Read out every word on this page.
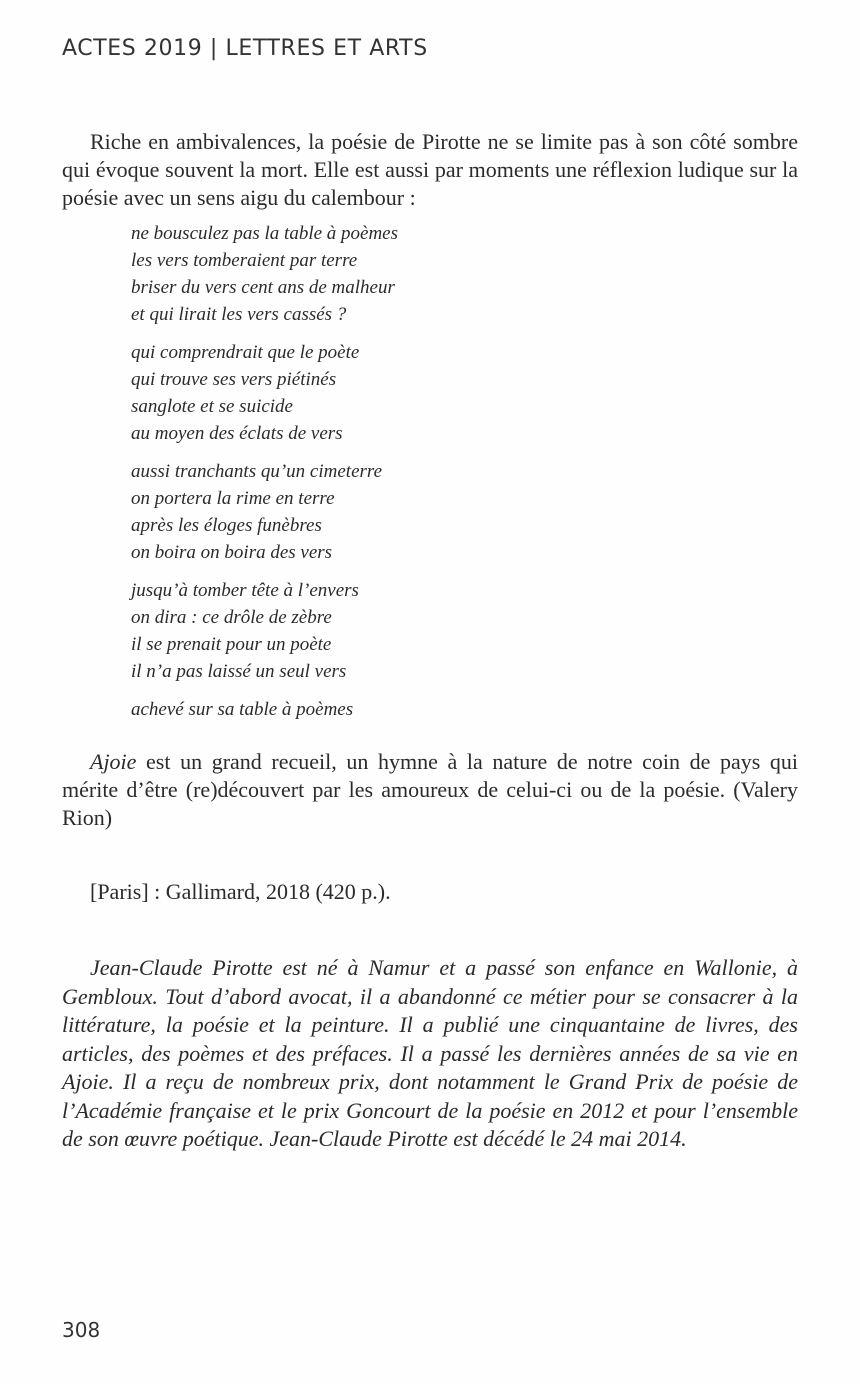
ACTES 2019 | LETTRES ET ARTS

Riche en ambivalences, la poésie de Pirotte ne se limite pas à son côté sombre qui évoque souvent la mort. Elle est aussi par moments une réflexion ludique sur la poésie avec un sens aigu du calembour :

ne bousculez pas la table à poèmes
les vers tomberaient par terre
briser du vers cent ans de malheur
et qui lirait les vers cassés ?
qui comprendrait que le poète
qui trouve ses vers piétinés
sanglote et se suicide
au moyen des éclats de vers
aussi tranchants qu’un cimeterre
on portera la rime en terre
après les éloges funèbres
on boira on boira des vers
jusqu’à tomber tête à l’envers
on dira : ce drôle de zèbre
il se prenait pour un poète
il n’a pas laissé un seul vers
achevé sur sa table à poèmes

Ajoie est un grand recueil, un hymne à la nature de notre coin de pays qui mérite d’être (re)découvert par les amoureux de celui-ci ou de la poésie. (Valery Rion)

[Paris] : Gallimard, 2018 (420 p.).

Jean-Claude Pirotte est né à Namur et a passé son enfance en Wallonie, à Gembloux. Tout d’abord avocat, il a abandonné ce métier pour se consacrer à la littérature, la poésie et la peinture. Il a publié une cinquantaine de livres, des articles, des poèmes et des préfaces. Il a passé les dernières années de sa vie en Ajoie. Il a reçu de nombreux prix, dont notamment le Grand Prix de poésie de l’Académie française et le prix Goncourt de la poésie en 2012 et pour l’ensemble de son œuvre poétique. Jean-Claude Pirotte est décédé le 24 mai 2014.

308
